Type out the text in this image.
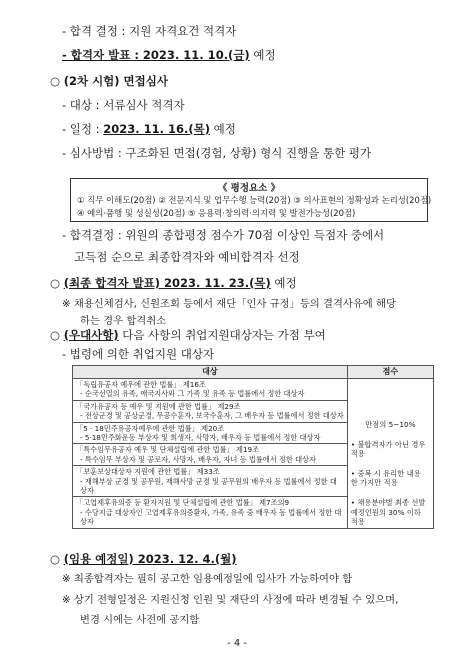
- 합격 결정 : 지원 자격요건 적격자
- 합격자 발표 : 2023. 11. 10.(금) 예정
○ (2차 시험) 면접심사
- 대상 : 서류심사 적격자
- 일정 : 2023. 11. 16.(목) 예정
- 심사방법 : 구조화된 면접(경험, 상황) 형식 진행을 통한 평가
《 평정요소 》
① 직무 이해도(20점) ② 전문지식 및 업무수행 능력(20점) ③ 의사표현의 정확성과 논리성(20점)
④ 예의·품행 및 성실성(20점) ⑤ 응용력·창의력·의지력 및 발전가능성(20점)
- 합격결정 : 위원의 종합평정 점수가 70점 이상인 득점자 중에서
고득점 순으로 최종합격자와 예비합격자 선정
○ (최종 합격자 발표) 2023. 11. 23.(목) 예정
※ 채용신체검사, 신원조회 등에서 재단「인사 규정」등의 결격사유에 해당
하는 경우 합격취소
○ (우대사항) 다음 사항의 취업지원대상자는 가점 부여
- 법령에 의한 취업지원 대상자
대상	점수

「독립유공자 예우에 관한 법률」 제16조
- 순국선열의 유족, 애국지사와 그 가족 및 유족 등 법률에서 정한 대상자	만점의 5~10%
• 불합격자가 아닌 경우 적용
• 중복 시 유리한 내용 한 가지만 적용
• 채용분야별 최종 선발예정인원의 30% 이하 적용

「국가유공자 등 예우 및 지원에 관한 법률」 제29조
- 전상군경 및 공상군경, 무공수훈자, 보국수훈자, 그 배우자 등 법률에서 정한 대상자	

「5 · 18민주유공자예우에 관한 법률」 제20조
- 5·18민주화운동 부상자 및 희생자, 사망자, 배우자 등 법률에서 정한 대상자	

「특수임무유공자 예우 및 단체설립에 관한 법률」 제19조
- 특수임무 부상자 및 공로자, 사망자, 배우자, 자녀 등 법률에서 정한 대상자	

「보훈보상대상자 지원에 관한 법률」 제33조
- 재해부상 군경 및 공무원, 재해사망 군경 및 공무원의 배우자 등 법률에서 정한 대상자	

「고엽제후유의증 등 환자지원 및 단체설립에 관한 법률」 제7조의9
- 수당지급 대상자인 고엽제후유의증환자, 가족, 유족 중 배우자 등 법률에서 정한 대상자	
○ (임용 예정일) 2023. 12. 4.(월)
※ 최종합격자는 필히 공고한 임용예정일에 입사가 가능하여야 함
※ 상기 전형일정은 지원신청 인원 및 재단의 사정에 따라 변경될 수 있으며,
변경 시에는 사전에 공지함
- 4 -
